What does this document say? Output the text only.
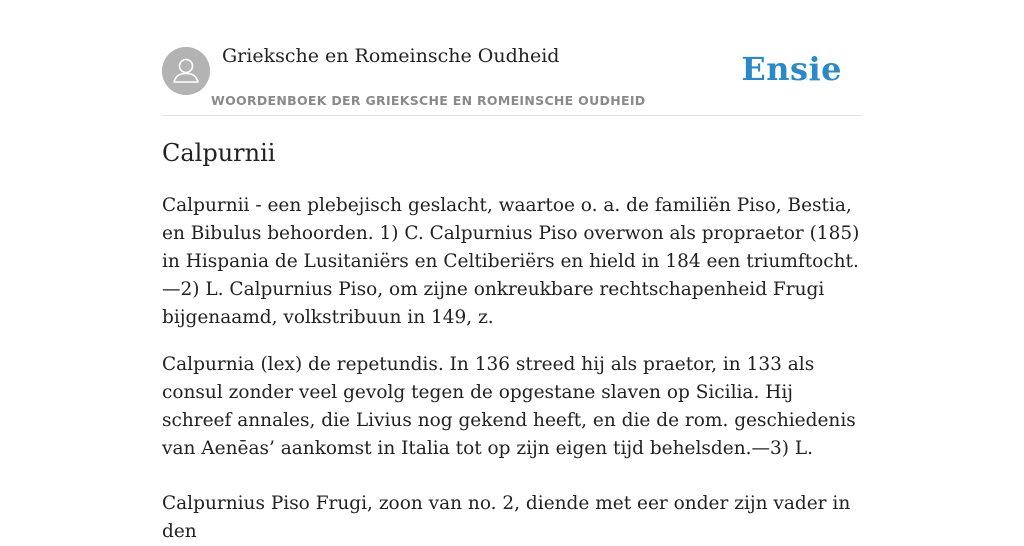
Grieksche en Romeinsche Oudheid
WOORDENBOEK DER GRIEKSCHE EN ROMEINSCHE OUDHEID
Ensie
Calpurnii

Calpurnii - een plebejisch geslacht, waartoe o. a. de familiën Piso, Bestia, en Bibulus behoorden. 1) C. Calpurnius Piso overwon als propraetor (185) in Hispania de Lusitaniërs en Celtiberiërs en hield in 184 een triumftocht.—2) L. Calpurnius Piso, om zijne onkreukbare rechtschapenheid Frugi bijgenaamd, volkstribuun in 149, z.

Calpurnia (lex) de repetundis. In 136 streed hij als praetor, in 133 als consul zonder veel gevolg tegen de opgestane slaven op Sicilia. Hij schreef annales, die Livius nog gekend heeft, en die de rom. geschiedenis van Aenēas’ aankomst in Italia tot op zijn eigen tijd behelsden.—3) L.

Calpurnius Piso Frugi, zoon van no. 2, diende met eer onder zijn vader in den
